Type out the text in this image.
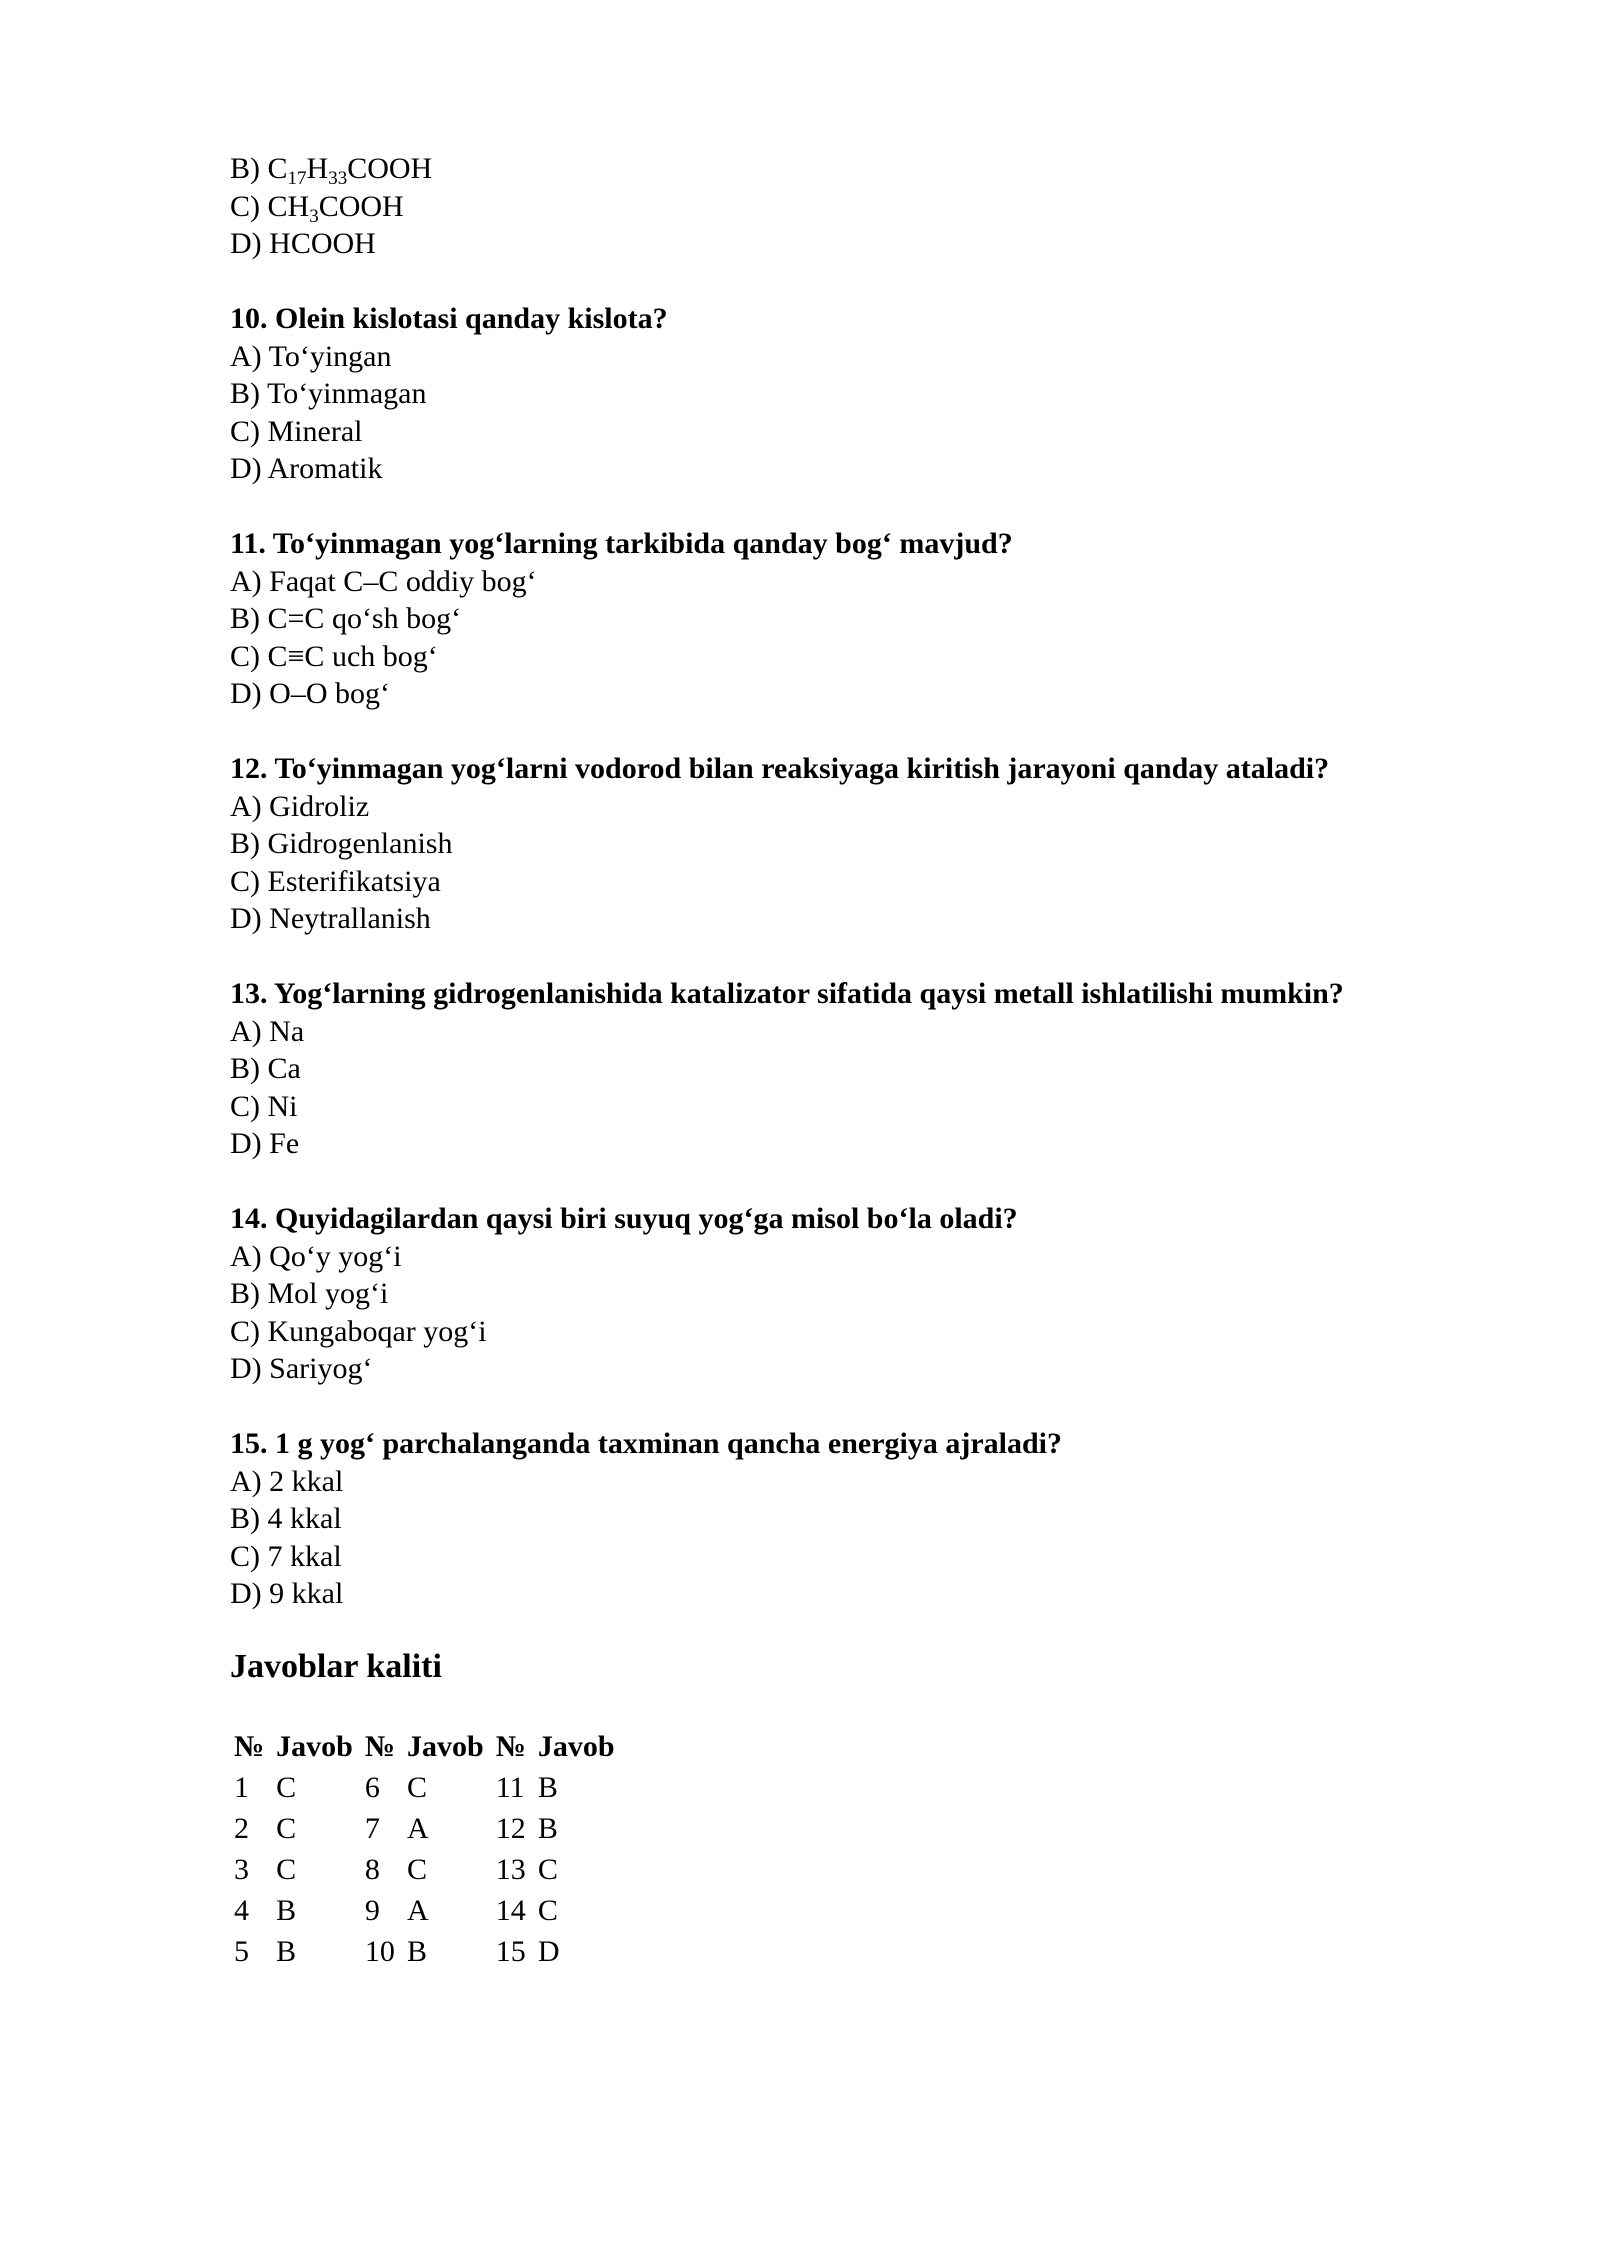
B) $C_{17}H_{33}COOH$
C) $CH_3COOH$
D) HCOOH
10. Olein kislotasi qanday kislota?
A) To‘yingan
B) To‘yinmagan
C) Mineral
D) Aromatik
11. To‘yinmagan yog‘larning tarkibida qanday bog‘ mavjud?
A) Faqat C–C oddiy bog‘
B) C=C qo‘sh bog‘
C) C≡C uch bog‘
D) O–O bog‘
12. To‘yinmagan yog‘larni vodorod bilan reaksiyaga kiritish jarayoni qanday ataladi?
A) Gidroliz
B) Gidrogenlanish
C) Esterifikatsiya
D) Neytrallanish
13. Yog‘larning gidrogenlanishida katalizator sifatida qaysi metall ishlatilishi mumkin?
A) Na
B) Ca
C) Ni
D) Fe
14. Quyidagilardan qaysi biri suyuq yog‘ga misol bo‘la oladi?
A) Qo‘y yog‘i
B) Mol yog‘i
C) Kungaboqar yog‘i
D) Sariyog‘
15. 1 g yog‘ parchalanganda taxminan qancha energiya ajraladi?
A) 2 kkal
B) 4 kkal
C) 7 kkal
D) 9 kkal
Javoblar kaliti
№	Javob	№	Javob	№	Javob
1	C	6	C	11	B
2	C	7	A	12	B
3	C	8	C	13	C
4	B	9	A	14	C
5	B	10	B	15	D
